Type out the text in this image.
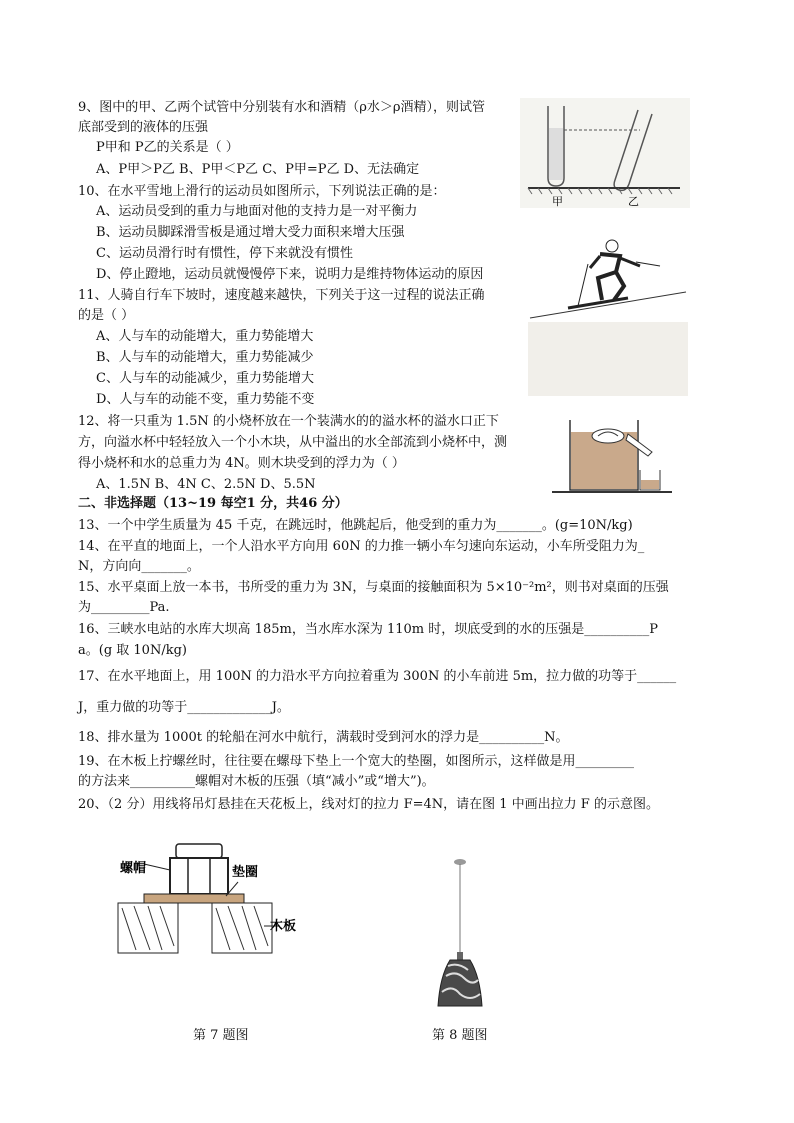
9、图中的甲、乙两个试管中分别装有水和酒精（ρ水＞ρ酒精），则试管
底部受到的液体的压强
P甲和 P乙的关系是（ ）
A、P甲＞P乙 B、P甲＜P乙 C、P甲=P乙 D、无法确定
甲	乙
10、在水平雪地上滑行的运动员如图所示，下列说法正确的是：
A、运动员受到的重力与地面对他的支持力是一对平衡力
B、运动员脚踩滑雪板是通过增大受力面积来增大压强
C、运动员滑行时有惯性，停下来就没有惯性
D、停止蹬地，运动员就慢慢停下来，说明力是维持物体运动的原因
11、人骑自行车下坡时，速度越来越快，下列关于这一过程的说法正确
的是（ ）
A、人与车的动能增大，重力势能增大
B、人与车的动能增大，重力势能减少
C、人与车的动能减少，重力势能增大
D、人与车的动能不变，重力势能不变
12、将一只重为 1.5N 的小烧杯放在一个装满水的的溢水杯的溢水口正下
方，向溢水杯中轻轻放入一个小木块，从中溢出的水全部流到小烧杯中，测
得小烧杯和水的总重力为 4N。则木块受到的浮力为（ ）
A、1.5N B、4N C、2.5N D、5.5N
二、非选择题（13~19 每空1 分，共46 分）
13、一个中学生质量为 45 千克，在跳远时，他跳起后，他受到的重力为_______。(g=10N/kg)
14、在平直的地面上，一个人沿水平方向用 60N 的力推一辆小车匀速向东运动，小车所受阻力为_
N，方向向_______。
15、水平桌面上放一本书，书所受的重力为 3N，与桌面的接触面积为 5×10⁻²m²，则书对桌面的压强
为_________Pa.
16、三峡水电站的水库大坝高 185m，当水库水深为 110m 时，坝底受到的水的压强是__________P
a。(g 取 10N/kg)
17、在水平地面上，用 100N 的力沿水平方向拉着重为 300N 的小车前进 5m，拉力做的功等于______
J，重力做的功等于_____________J。
18、排水量为 1000t 的轮船在河水中航行，满载时受到河水的浮力是__________N。
19、在木板上拧螺丝时，往往要在螺母下垫上一个宽大的垫圈，如图所示，这样做是用_________
的方法来__________螺帽对木板的压强（填“减小”或“增大”)。
20、（2 分）用线将吊灯悬挂在天花板上，线对灯的拉力 F=4N，请在图 1 中画出拉力 F 的示意图。
螺帽	垫圈
木板
第 7 题图	第 8 题图
